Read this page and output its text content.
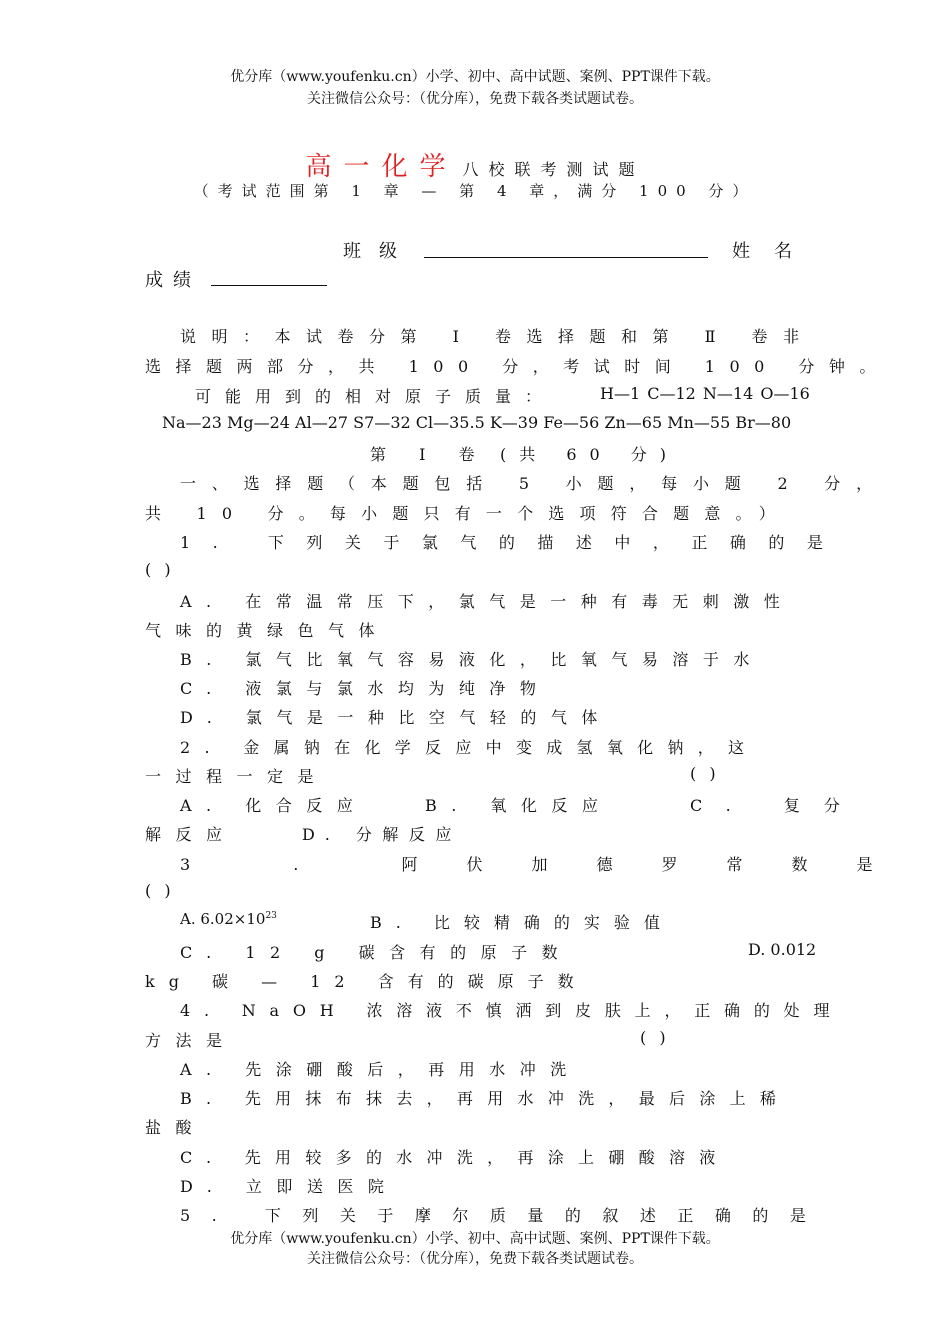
优分库（www.youfenku.cn）小学、初中、高中试题、案例、PPT课件下载。
关注微信公众号：（优分库），免费下载各类试题试卷。
高一化学 八校联考测试题
（考试范围第 1 章 — 第 4 章，满分 100 分）
班级	姓名
成绩
说明：本试卷分第 Ⅰ 卷选择题和第 Ⅱ 卷非
选择题两部分，共 100 分，考试时间 100 分钟。
可能用到的相对原子质量：	H—1 C—12 N—14 O—16
Na—23 Mg—24 Al—27 S7—32 Cl—35.5 K—39 Fe—56 Zn—65 Mn—55 Br—80
第 Ⅰ 卷 (共 60 分)
一、选择题（本题包括 5 小题，每小题 2 分，
共 10 分。每小题只有一个选项符合题意。）
1. 下列关于氯气的描述中，正确的是
( )
A. 在常温常压下，氯气是一种有毒无刺激性
气味的黄绿色气体
B. 氯气比氧气容易液化，比氧气易溶于水
C. 液氯与氯水均为纯净物
D. 氯气是一种比空气轻的气体
2. 金属钠在化学反应中变成氢氧化钠，这
一过程一定是	( )
A. 化合反应	B. 氧化反应	C. 复分
解反应	D. 分解反应
3 . 阿伏加德罗常数是
( )
A. $6.02\times 10^{23}$	B. 比较精确的实验值
C. 12 g 碳含有的原子数	D. 0.012
kg 碳 — 12 含有的碳原子数
4. NaOH 浓溶液不慎洒到皮肤上，正确的处理
方法是	( )
A. 先涂硼酸后，再用水冲洗
B. 先用抹布抹去，再用水冲洗，最后涂上稀
盐酸
C. 先用较多的水冲洗，再涂上硼酸溶液
D. 立即送医院
5. 下列关于摩尔质量的叙述正确的是
优分库（www.youfenku.cn）小学、初中、高中试题、案例、PPT课件下载。
关注微信公众号：（优分库），免费下载各类试题试卷。
